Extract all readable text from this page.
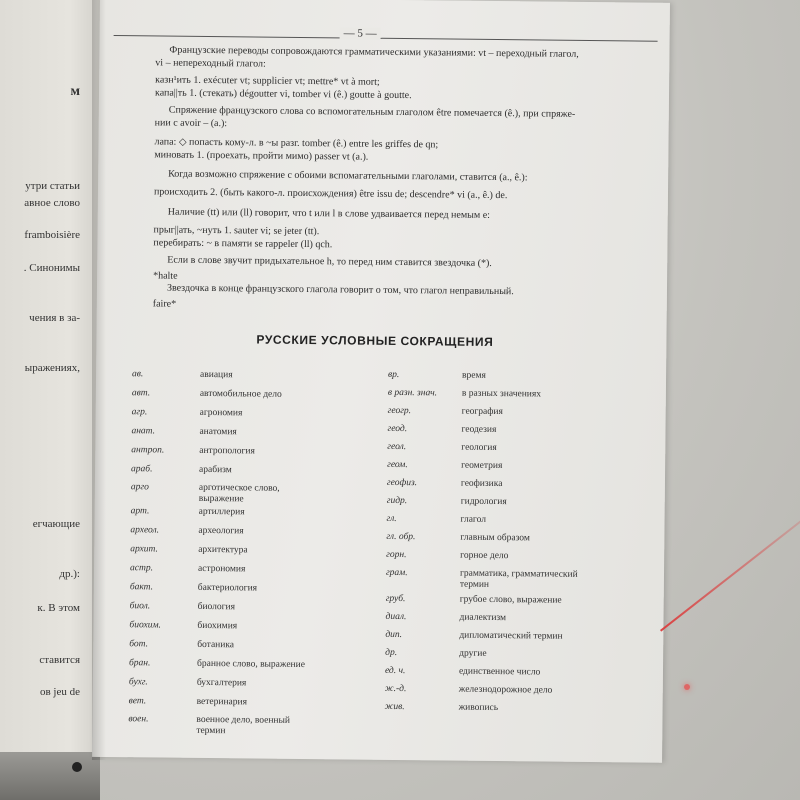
м
утри статьи
авное слово
framboisière
. Синонимы
чения в за-
ыражениях,
егчающие
др.):
к. В этом
ставится
ов jeu de
— 5 —
Французские переводы сопровождаются грамматическими указаниями: vt – переходный глагол,
vi – непереходный глагол:
казн¹ить 1. exécuter vt; supplicier vt; mettre* vt à mort;
капа||ть 1. (стекать) dégoutter vi, tomber vi (ê.) goutte à goutte.
Спряжение французского слова со вспомогательным глаголом être помечается (ê.), при спряже-
нии с avoir – (a.):
лапа: ◇ попасть кому-л. в ~ы разг. tomber (ê.) entre les griffes de qn;
миновать 1. (проехать, пройти мимо) passer vt (a.).
Когда возможно спряжение с обоими вспомагательными глаголами, ставится (a., ê.):
происходить 2. (быть какого-л. происхождения) être issu de; descendre* vi (a., ê.) de.
Наличие (tt) или (ll) говорит, что t или l в слове удваивается перед немым e:
прыг||ать, ~нуть 1. sauter vi; se jeter (tt).
перебирать: ~ в памяти se rappeler (ll) qch.
Если в слове звучит придыхательное h, то перед ним ставится звездочка (*).
*halte
Звездочка в конце французского глагола говорит о том, что глагол неправильный.
faire*
РУССКИЕ УСЛОВНЫЕ СОКРАЩЕНИЯ
ав.	авиация
авт.	автомобильное дело
агр.	агрономия
анат.	анатомия
антроп.	антропология
араб.	арабизм
арго	арготическое слово, выражение
арт.	артиллерия
археол.	археология
архит.	архитектура
астр.	астрономия
бакт.	бактериология
биол.	биология
биохим.	биохимия
бот.	ботаника
бран.	бранное слово, выражение
бухг.	бухгалтерия
вет.	ветеринария
воен.	военное дело, военный термин
вр.	время
в разн. знач.	в разных значениях
геогр.	география
геод.	геодезия
геол.	геология
геом.	геометрия
геофиз.	геофизика
гидр.	гидрология
гл.	глагол
гл. обр.	главным образом
горн.	горное дело
грам.	грамматика, грамматический термин
груб.	грубое слово, выражение
диал.	диалектизм
дип.	дипломатический термин
др.	другие
ед. ч.	единственное число
ж.-д.	железнодорожное дело
жив.	живопись
